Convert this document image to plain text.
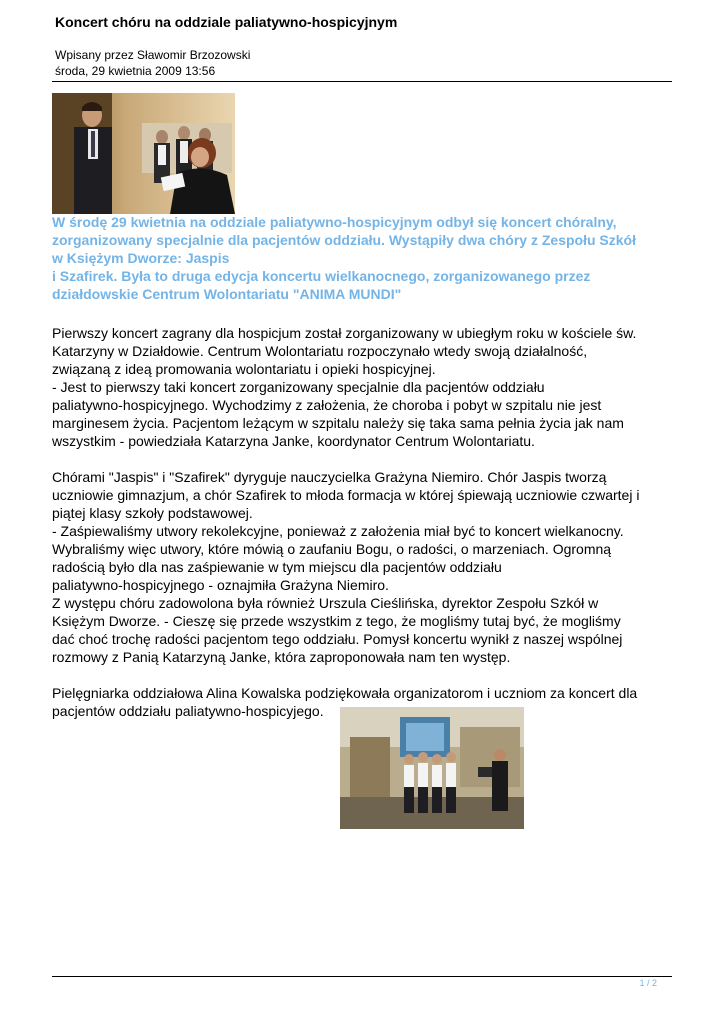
Koncert chóru na oddziale paliatywno-hospicyjnym
Wpisany przez Sławomir Brzozowski
środa, 29 kwietnia 2009 13:56
W środę 29 kwietnia na oddziale paliatywno-hospicyjnym odbył się koncert chóralny,
zorganizowany specjalnie dla pacjentów oddziału. Wystąpiły dwa chóry z Zespołu Szkół
w Księżym Dworze: Jaspis
i Szafirek. Była to druga edycja koncertu wielkanocnego, zorganizowanego przez
działdowskie Centrum Wolontariatu "ANIMA MUNDI"
Pierwszy koncert zagrany dla hospicjum został zorganizowany w ubiegłym roku w kościele św.
Katarzyny w Działdowie. Centrum Wolontariatu rozpoczynało wtedy swoją działalność,
związaną z ideą promowania wolontariatu i opieki hospicyjnej.
- Jest to pierwszy taki koncert zorganizowany specjalnie dla pacjentów oddziału
paliatywno-hospicyjnego. Wychodzimy z założenia, że choroba i pobyt w szpitalu nie jest
marginesem życia. Pacjentom leżącym w szpitalu należy się taka sama pełnia życia jak nam
wszystkim - powiedziała Katarzyna Janke, koordynator Centrum Wolontariatu.
Chórami "Jaspis" i "Szafirek" dyryguje nauczycielka Grażyna Niemiro. Chór Jaspis tworzą
uczniowie gimnazjum, a chór Szafirek to młoda formacja w której śpiewają uczniowie czwartej i
piątej klasy szkoły podstawowej.
- Zaśpiewaliśmy utwory rekolekcyjne, ponieważ z założenia miał być to koncert wielkanocny.
Wybraliśmy więc utwory, które mówią o zaufaniu Bogu, o radości, o marzeniach. Ogromną
radością było dla nas zaśpiewanie w tym miejscu dla pacjentów oddziału
paliatywno-hospicyjnego - oznajmiła Grażyna Niemiro.
Z występu chóru zadowolona była również Urszula Cieślińska, dyrektor Zespołu Szkół w
Księżym Dworze. - Cieszę się przede wszystkim z tego, że mogliśmy tutaj być, że mogliśmy
dać choć trochę radości pacjentom tego oddziału. Pomysł koncertu wynikł z naszej wspólnej
rozmowy z Panią Katarzyną Janke, która zaproponowała nam ten występ.
Pielęgniarka oddziałowa Alina Kowalska podziękowała organizatorom i uczniom za koncert dla
pacjentów oddziału paliatywno-hospicyjego.
1 / 2
